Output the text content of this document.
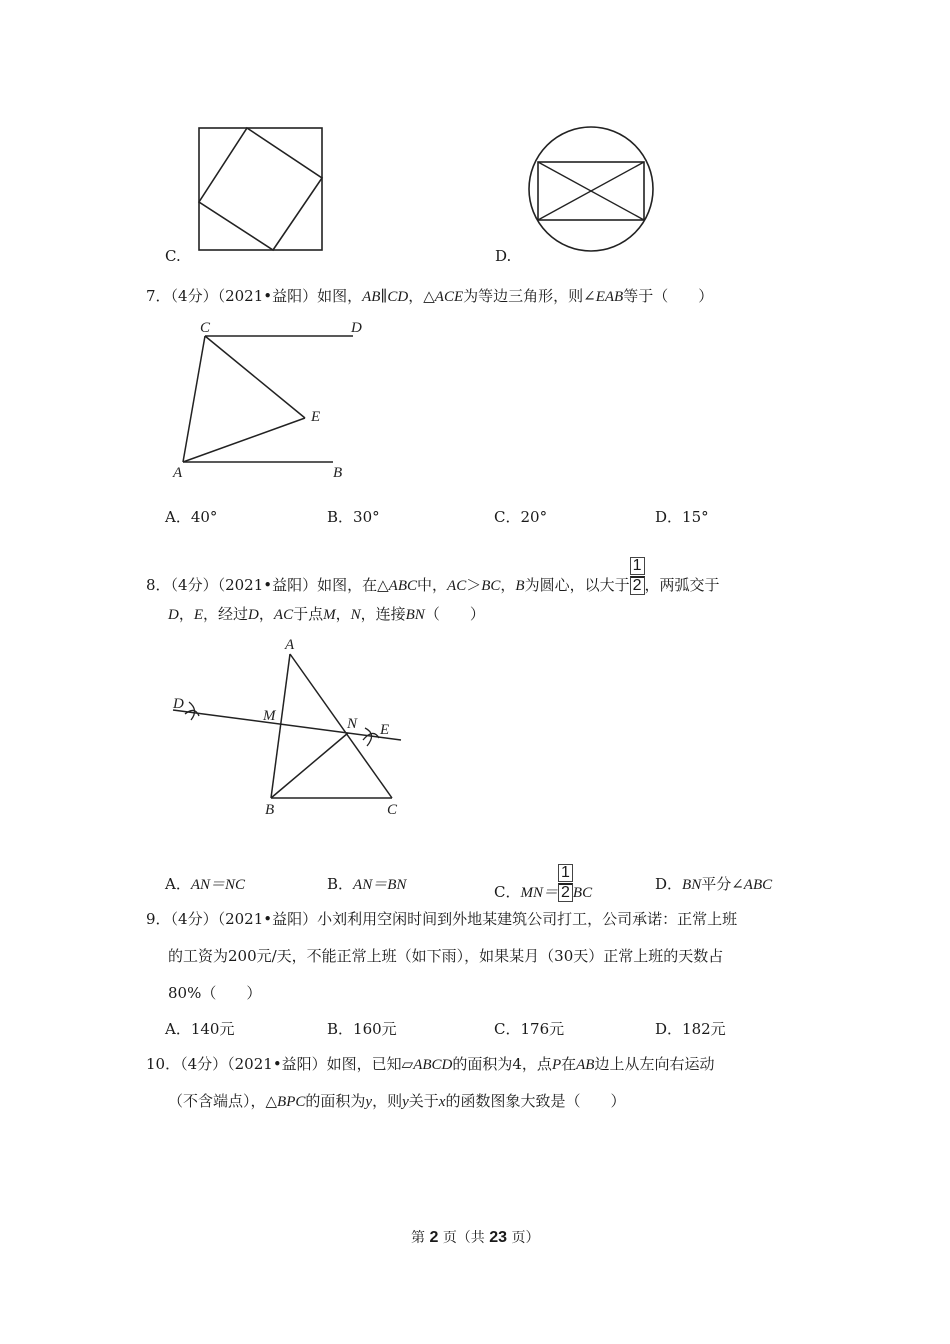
C.	D.
7．（4分）（2021•益阳）如图，AB∥CD，△ACE为等边三角形，则∠EAB等于（　　）
C	D
E
A	B
A．40°	B．30°	C．20°	D．15°
8．（4分）（2021•益阳）如图，在△ABC中，AC＞BC，B为圆心，以大于 $\frac{1}{2}$ ，两弧交于
D，E，经过D，AC于点M，N，连接BN（　　）
A
D
M	N E
B	C
A．AN＝NC	B．AN＝BN	C．$MN= \frac{1}{2}$ BC	D．BN平分∠ABC
9．（4分）（2021•益阳）小刘利用空闲时间到外地某建筑公司打工，公司承诺：正常上班
的工资为200元/天，不能正常上班（如下雨），如果某月（30天）正常上班的天数占
80%（　　）
A．140元	B．160元	C．176元	D．182元
10．（4分）（2021•益阳）如图，已知▱ABCD的面积为4，点P在AB边上从左向右运动
（不含端点），△BPC的面积为y，则y关于x的函数图象大致是（　　）
第 2 页（共 23 页）
